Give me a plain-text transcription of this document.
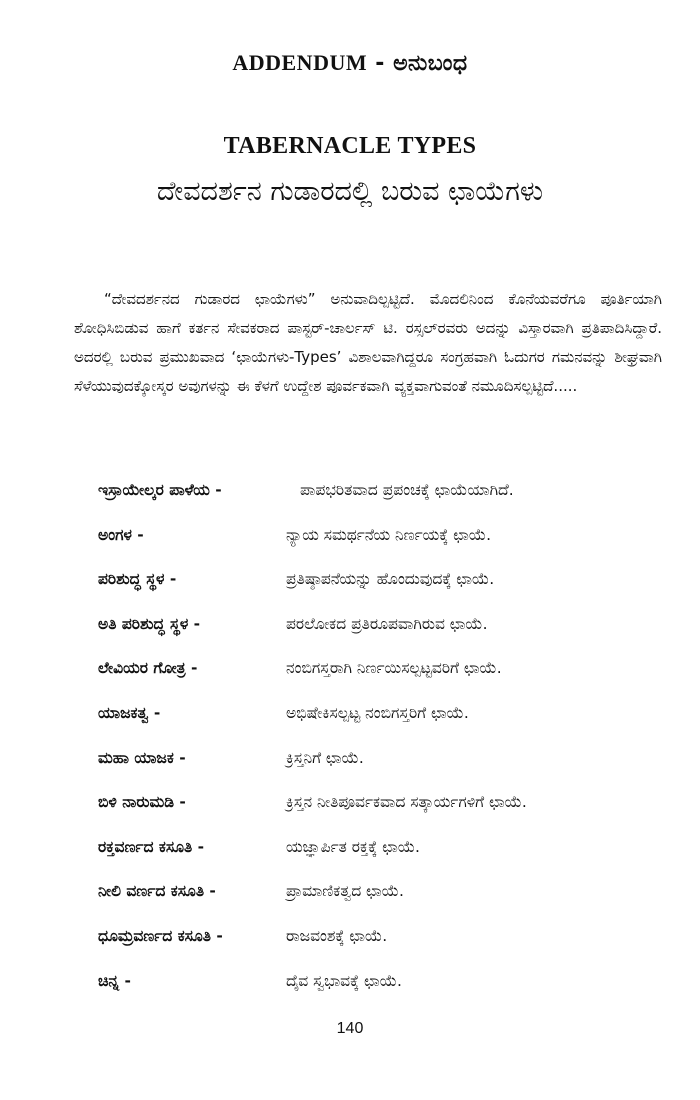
ADDENDUM - ಅನುಬಂಧ
TABERNACLE TYPES
ದೇವದರ್ಶನ ಗುಡಾರದಲ್ಲಿ ಬರುವ ಛಾಯೆಗಳು

“ದೇವದರ್ಶನದ ಗುಡಾರದ ಛಾಯೆಗಳು” ಅನುವಾದಿಲ್ಪಟ್ಟಿದೆ. ಮೊದಲಿನಿಂದ ಕೊನೆಯವರೆಗೂ ಪೂರ್ತಿಯಾಗಿ ಶೋಧಿಸಿಬಿಡುವ ಹಾಗೆ ಕರ್ತನ ಸೇವಕರಾದ ಪಾಸ್ಟರ್-ಚಾರ್ಲಸ್ ಟಿ. ರಸ್ಸಲ್‌ರವರು ಅದನ್ನು ವಿಸ್ತಾರವಾಗಿ ಪ್ರತಿಪಾದಿಸಿದ್ದಾರೆ. ಅದರಲ್ಲಿ ಬರುವ ಪ್ರಮುಖವಾದ ‘ಛಾಯೆಗಳು-Types’ ವಿಶಾಲವಾಗಿದ್ದರೂ ಸಂಗ್ರಹವಾಗಿ ಓದುಗರ ಗಮನವನ್ನು ಶೀಘ್ರವಾಗಿ ಸೆಳೆಯುವುದಕ್ಕೋಸ್ಕರ ಅವುಗಳನ್ನು ಈ ಕೆಳಗೆ ಉದ್ದೇಶ ಪೂರ್ವಕವಾಗಿ ವ್ಯಕ್ತವಾಗುವಂತೆ ನಮೂದಿಸಲ್ಪಟ್ಟಿದೆ.....

ಇಸ್ರಾಯೇಲ್ಕರ ಪಾಳೆಯ -	ಪಾಪಭರಿತವಾದ ಪ್ರಪಂಚಕ್ಕೆ ಛಾಯೆಯಾಗಿದೆ.
ಅಂಗಳ -	ನ್ಯಾಯ ಸಮರ್ಥನೆಯ ನಿರ್ಣಯಕ್ಕೆ ಛಾಯೆ.
ಪರಿಶುದ್ಧ ಸ್ಥಳ -	ಪ್ರತಿಷ್ಠಾಪನೆಯನ್ನು ಹೊಂದುವುದಕ್ಕೆ ಛಾಯೆ.
ಅತಿ ಪರಿಶುದ್ಧ ಸ್ಥಳ -	ಪರಲೋಕದ ಪ್ರತಿರೂಪವಾಗಿರುವ ಛಾಯೆ.
ಲೇವಿಯರ ಗೋತ್ರ -	ನಂಬಿಗಸ್ತರಾಗಿ ನಿರ್ಣಯಿಸಲ್ಪಟ್ಟವರಿಗೆ ಛಾಯೆ.
ಯಾಜಕತ್ವ -	ಅಭಿಷೇಕಿಸಲ್ಪಟ್ಟ ನಂಬಿಗಸ್ತರಿಗೆ ಛಾಯೆ.
ಮಹಾ ಯಾಜಕ -	ಕ್ರಿಸ್ತನಿಗೆ ಛಾಯೆ.
ಬಿಳಿ ನಾರುಮಡಿ -	ಕ್ರಿಸ್ತನ ನೀತಿಪೂರ್ವಕವಾದ ಸತ್ಕಾರ್ಯಗಳಿಗೆ ಛಾಯೆ.
ರಕ್ತವರ್ಣದ ಕಸೂತಿ -	ಯಜ್ಞಾರ್ಪಿತ ರಕ್ತಕ್ಕೆ ಛಾಯೆ.
ನೀಲಿ ವರ್ಣದ ಕಸೂತಿ -	ಪ್ರಾಮಾಣಿಕತ್ವದ ಛಾಯೆ.
ಧೂಮ್ರವರ್ಣದ ಕಸೂತಿ -	ರಾಜವಂಶಕ್ಕೆ ಛಾಯೆ.
ಚಿನ್ನ -	ದೈವ ಸ್ವಭಾವಕ್ಕೆ ಛಾಯೆ.
140
